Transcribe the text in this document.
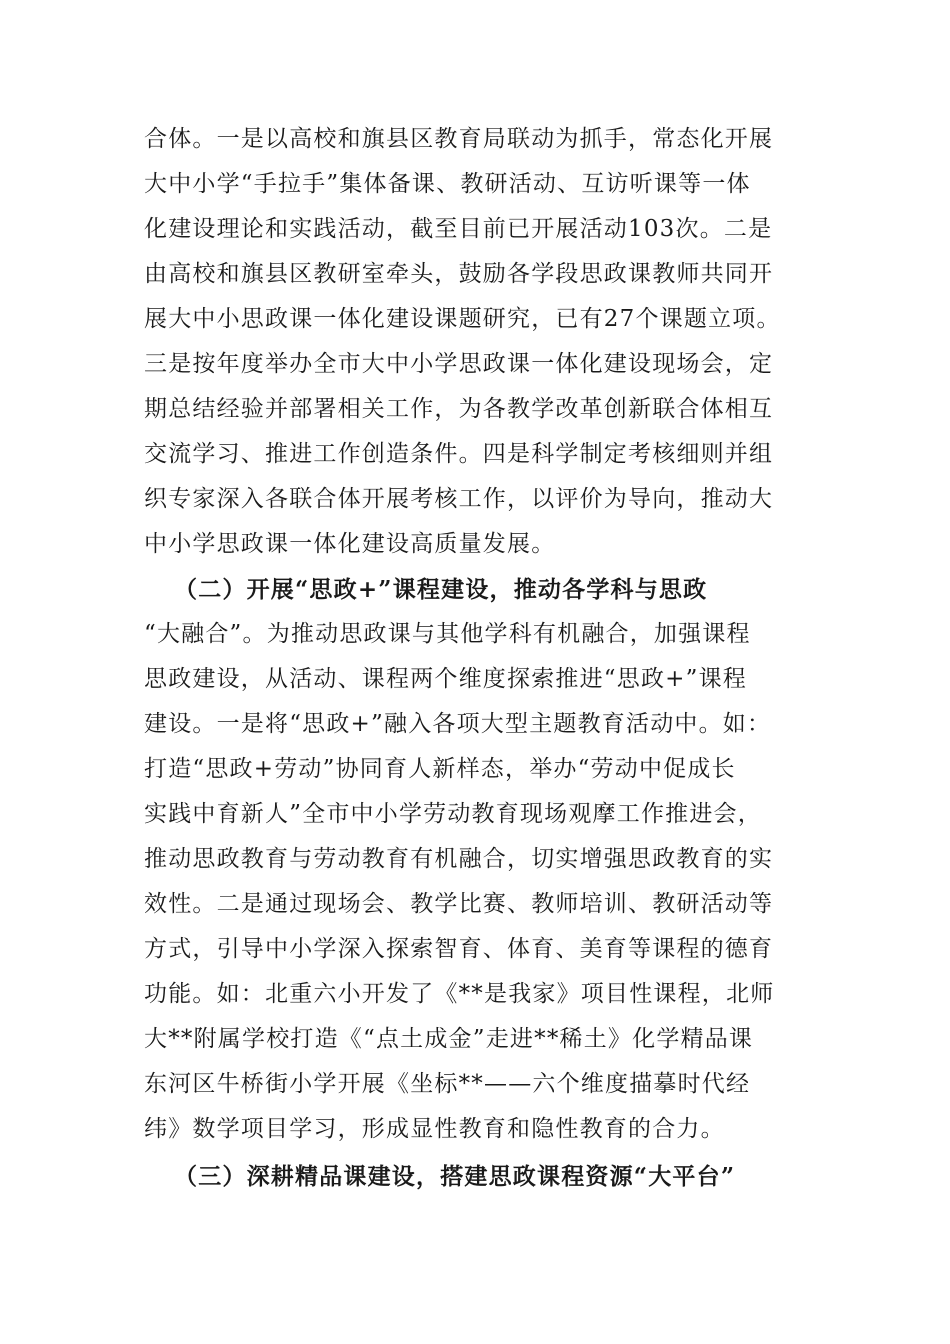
合体。一是以高校和旗县区教育局联动为抓手，常态化开展
大中小学“手拉手”集体备课、教研活动、互访听课等一体
化建设理论和实践活动，截至目前已开展活动103次。二是
由高校和旗县区教研室牵头，鼓励各学段思政课教师共同开
展大中小思政课一体化建设课题研究，已有27个课题立项。
三是按年度举办全市大中小学思政课一体化建设现场会，定
期总结经验并部署相关工作，为各教学改革创新联合体相互
交流学习、推进工作创造条件。四是科学制定考核细则并组
织专家深入各联合体开展考核工作，以评价为导向，推动大
中小学思政课一体化建设高质量发展。
（二）开展“思政+”课程建设，推动各学科与思政
“大融合”。为推动思政课与其他学科有机融合，加强课程
思政建设，从活动、课程两个维度探索推进“思政+”课程
建设。一是将“思政+”融入各项大型主题教育活动中。如：
打造“思政+劳动”协同育人新样态，举办“劳动中促成长
实践中育新人”全市中小学劳动教育现场观摩工作推进会，
推动思政教育与劳动教育有机融合，切实增强思政教育的实
效性。二是通过现场会、教学比赛、教师培训、教研活动等
方式，引导中小学深入探索智育、体育、美育等课程的德育
功能。如：北重六小开发了《**是我家》项目性课程，北师
大**附属学校打造《“点土成金”走进**稀土》化学精品课
东河区牛桥街小学开展《坐标**——六个维度描摹时代经
纬》数学项目学习，形成显性教育和隐性教育的合力。
（三）深耕精品课建设，搭建思政课程资源“大平台”
